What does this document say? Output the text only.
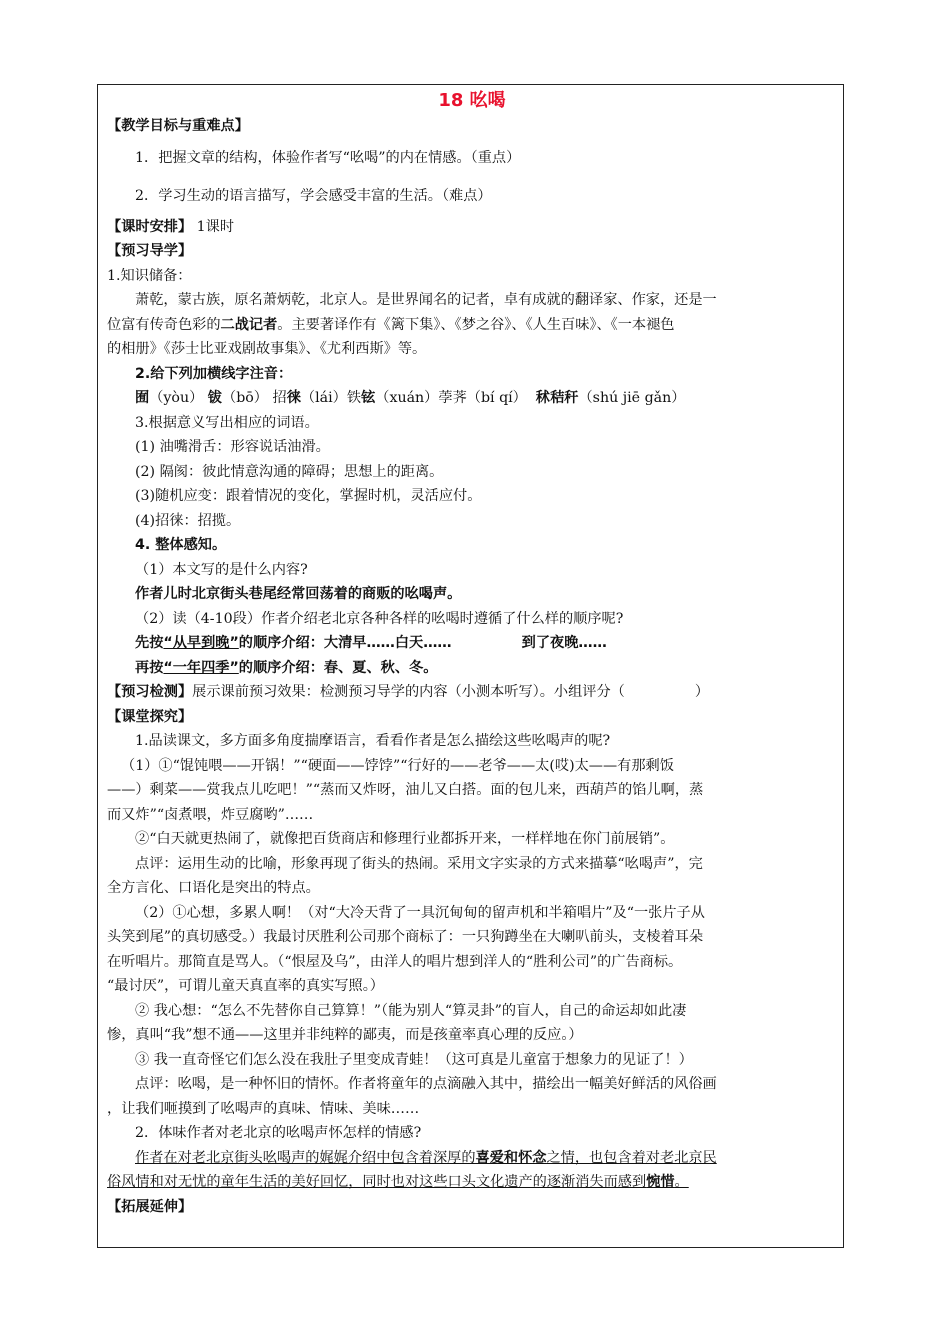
18 吆喝
【教学目标与重难点】
1．把握文章的结构，体验作者写“吆喝”的内在情感。（重点）
2．学习生动的语言描写，学会感受丰富的生活。（难点）
【课时安排】 1课时
【预习导学】
1.知识储备：
萧乾，蒙古族，原名萧炳乾，北京人。是世界闻名的记者，卓有成就的翻译家、作家，还是一
位富有传奇色彩的二战记者。主要著译作有《篱下集》、《梦之谷》、《人生百味》、《一本褪色
的相册》《莎士比亚戏剧故事集》、《尤利西斯》等。
2.给下列加横线字注音：
囿（yòu） 钹（bō） 招徕（lái）铁铉（xuán）荸荠（bí qí） 秫秸秆（shú jiē gǎn）
3.根据意义写出相应的词语。
(1) 油嘴滑舌：形容说话油滑。
(2) 隔阂：彼此情意沟通的障碍；思想上的距离。
(3)随机应变：跟着情况的变化，掌握时机，灵活应付。
(4)招徕：招揽。
4. 整体感知。
（1）本文写的是什么内容?
作者儿时北京街头巷尾经常回荡着的商贩的吆喝声。
（2）读（4-10段）作者介绍老北京各种各样的吆喝时遵循了什么样的顺序呢?
先按“从早到晚”的顺序介绍：大清早……白天……	到了夜晚……
再按“一年四季”的顺序介绍：春、夏、秋、冬。
【预习检测】展示课前预习效果：检测预习导学的内容（小测本听写）。小组评分（	）
【课堂探究】
1.品读课文，多方面多角度揣摩语言，看看作者是怎么描绘这些吆喝声的呢?
（1）①“馄饨喂——开锅！”“硬面——饽饽”“行好的——老爷——太(哎)太——有那剩饭
——）剩菜——赏我点儿吃吧！”“蒸而又炸呀，油儿又白搭。面的包儿来，西葫芦的馅儿啊，蒸
而又炸”“卤煮喂，炸豆腐哟”……
②“白天就更热闹了，就像把百货商店和修理行业都拆开来，一样样地在你门前展销”。
点评：运用生动的比喻，形象再现了街头的热闹。采用文字实录的方式来描摹“吆喝声”，完
全方言化、口语化是突出的特点。
（2）①心想，多累人啊！（对“大冷天背了一具沉甸甸的留声机和半箱唱片”及“一张片子从
头笑到尾”的真切感受。）我最讨厌胜利公司那个商标了：一只狗蹲坐在大喇叭前头，支棱着耳朵
在听唱片。那简直是骂人。（“恨屋及乌”，由洋人的唱片想到洋人的“胜利公司”的广告商标。
“最讨厌”，可谓儿童天真直率的真实写照。）
② 我心想：“怎么不先替你自己算算！”（能为别人“算灵卦”的盲人，自己的命运却如此凄
惨，真叫“我”想不通——这里并非纯粹的鄙夷，而是孩童率真心理的反应。）
③ 我一直奇怪它们怎么没在我肚子里变成青蛙！（这可真是儿童富于想象力的见证了！）
点评：吆喝，是一种怀旧的情怀。作者将童年的点滴融入其中，描绘出一幅美好鲜活的风俗画
，让我们咂摸到了吆喝声的真味、情味、美味……
2．体味作者对老北京的吆喝声怀怎样的情感?
作者在对老北京街头吆喝声的娓娓介绍中包含着深厚的喜爱和怀念之情，也包含着对老北京民
俗风情和对无忧的童年生活的美好回忆，同时也对这些口头文化遗产的逐渐消失而感到惋惜。
【拓展延伸】
